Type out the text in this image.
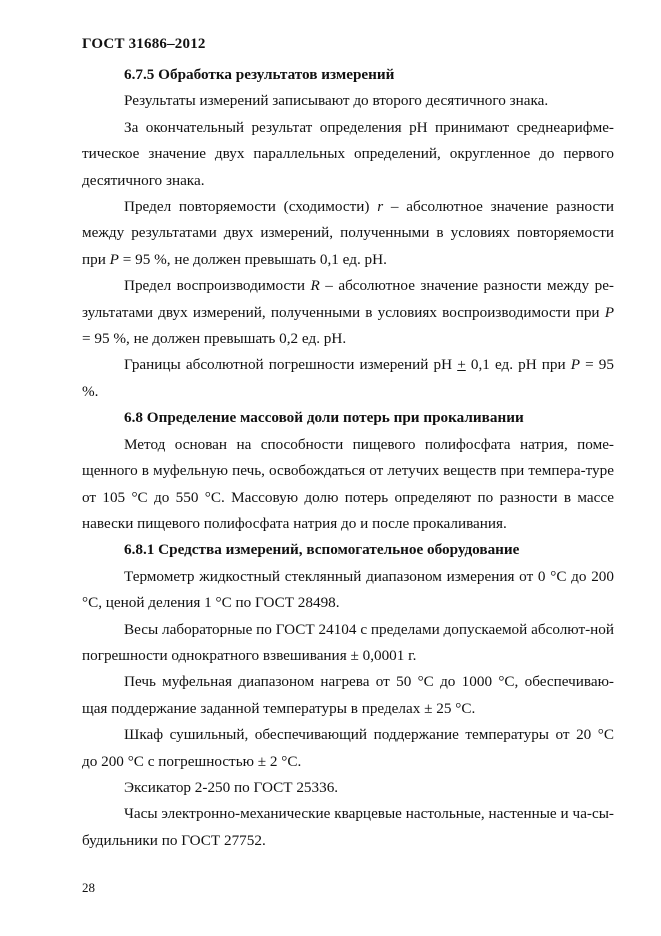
ГОСТ 31686–2012

6.7.5 Обработка результатов измерений

Результаты измерений записывают до второго десятичного знака.

За окончательный результат определения рН принимают среднеарифме-тическое значение двух параллельных определений, округленное до первого десятичного знака.

Предел повторяемости (сходимости) r – абсолютное значение разности между результатами двух измерений, полученными в условиях повторяемости при P = 95 %, не должен превышать 0,1 ед. рН.

Предел воспроизводимости R – абсолютное значение разности между ре-зультатами двух измерений, полученными в условиях воспроизводимости при P = 95 %, не должен превышать 0,2 ед. рН.

Границы абсолютной погрешности измерений рН + 0,1 ед. рН при P = 95 %.

6.8 Определение массовой доли потерь при прокаливании

Метод основан на способности пищевого полифосфата натрия, поме-щенного в муфельную печь, освобождаться от летучих веществ при темпера-туре от 105 °C до 550 °C. Массовую долю потерь определяют по разности в массе навески пищевого полифосфата натрия до и после прокаливания.

6.8.1 Средства измерений, вспомогательное оборудование

Термометр жидкостный стеклянный диапазоном измерения от 0 °C до 200 °C, ценой деления 1 °C по ГОСТ 28498.

Весы лабораторные по ГОСТ 24104 с пределами допускаемой абсолют-ной погрешности однократного взвешивания ± 0,0001 г.

Печь муфельная диапазоном нагрева от 50 °C до 1000 °C, обеспечиваю-щая поддержание заданной температуры в пределах ± 25 °C.

Шкаф сушильный, обеспечивающий поддержание температуры от 20 °C до 200 °C с погрешностью ± 2 °C.

Эксикатор 2-250 по ГОСТ 25336.

Часы электронно-механические кварцевые настольные, настенные и ча-сы-будильники по ГОСТ 27752.

28
